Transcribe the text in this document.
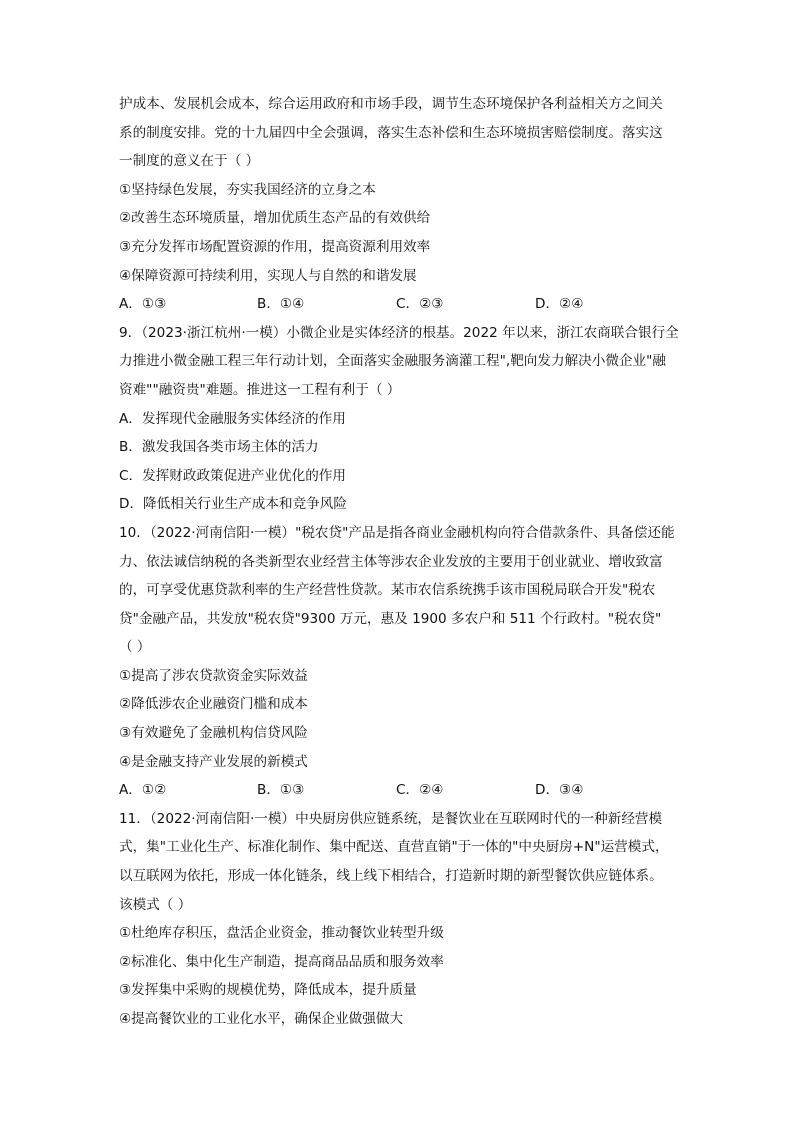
护成本、发展机会成本，综合运用政府和市场手段，调节生态环境保护各利益相关方之间关
系的制度安排。党的十九届四中全会强调，落实生态补偿和生态环境损害赔偿制度。落实这
一制度的意义在于（ ）
①坚持绿色发展，夯实我国经济的立身之本
②改善生态环境质量，增加优质生态产品的有效供给
③充分发挥市场配置资源的作用，提高资源利用效率
④保障资源可持续利用，实现人与自然的和谐发展
A．①③	B．①④	C．②③	D．②④
9．（2023·浙江杭州·一模）小微企业是实体经济的根基。2022 年以来，浙江农商联合银行全
力推进小微金融工程三年行动计划，全面落实金融服务滴灌工程",靶向发力解决小微企业"融
资难""融资贵"难题。推进这一工程有利于（ ）
A．发挥现代金融服务实体经济的作用
B．激发我国各类市场主体的活力
C．发挥财政政策促进产业优化的作用
D．降低相关行业生产成本和竞争风险
10．（2022·河南信阳·一模）"税农贷"产品是指各商业金融机构向符合借款条件、具备偿还能
力、依法诚信纳税的各类新型农业经营主体等涉农企业发放的主要用于创业就业、增收致富
的，可享受优惠贷款利率的生产经营性贷款。某市农信系统携手该市国税局联合开发"税农
贷"金融产品，共发放"税农贷"9300 万元，惠及 1900 多农户和 511 个行政村。"税农贷"
（ ）
①提高了涉农贷款资金实际效益
②降低涉农企业融资门槛和成本
③有效避免了金融机构信贷风险
④是金融支持产业发展的新模式
A．①②	B．①③	C．②④	D．③④
11．（2022·河南信阳·一模）中央厨房供应链系统，是餐饮业在互联网时代的一种新经营模
式，集"工业化生产、标准化制作、集中配送、直营直销"于一体的"中央厨房+N"运营模式，
以互联网为依托，形成一体化链条，线上线下相结合，打造新时期的新型餐饮供应链体系。
该模式（ ）
①杜绝库存积压，盘活企业资金，推动餐饮业转型升级
②标准化、集中化生产制造，提高商品品质和服务效率
③发挥集中采购的规模优势，降低成本，提升质量
④提高餐饮业的工业化水平，确保企业做强做大
